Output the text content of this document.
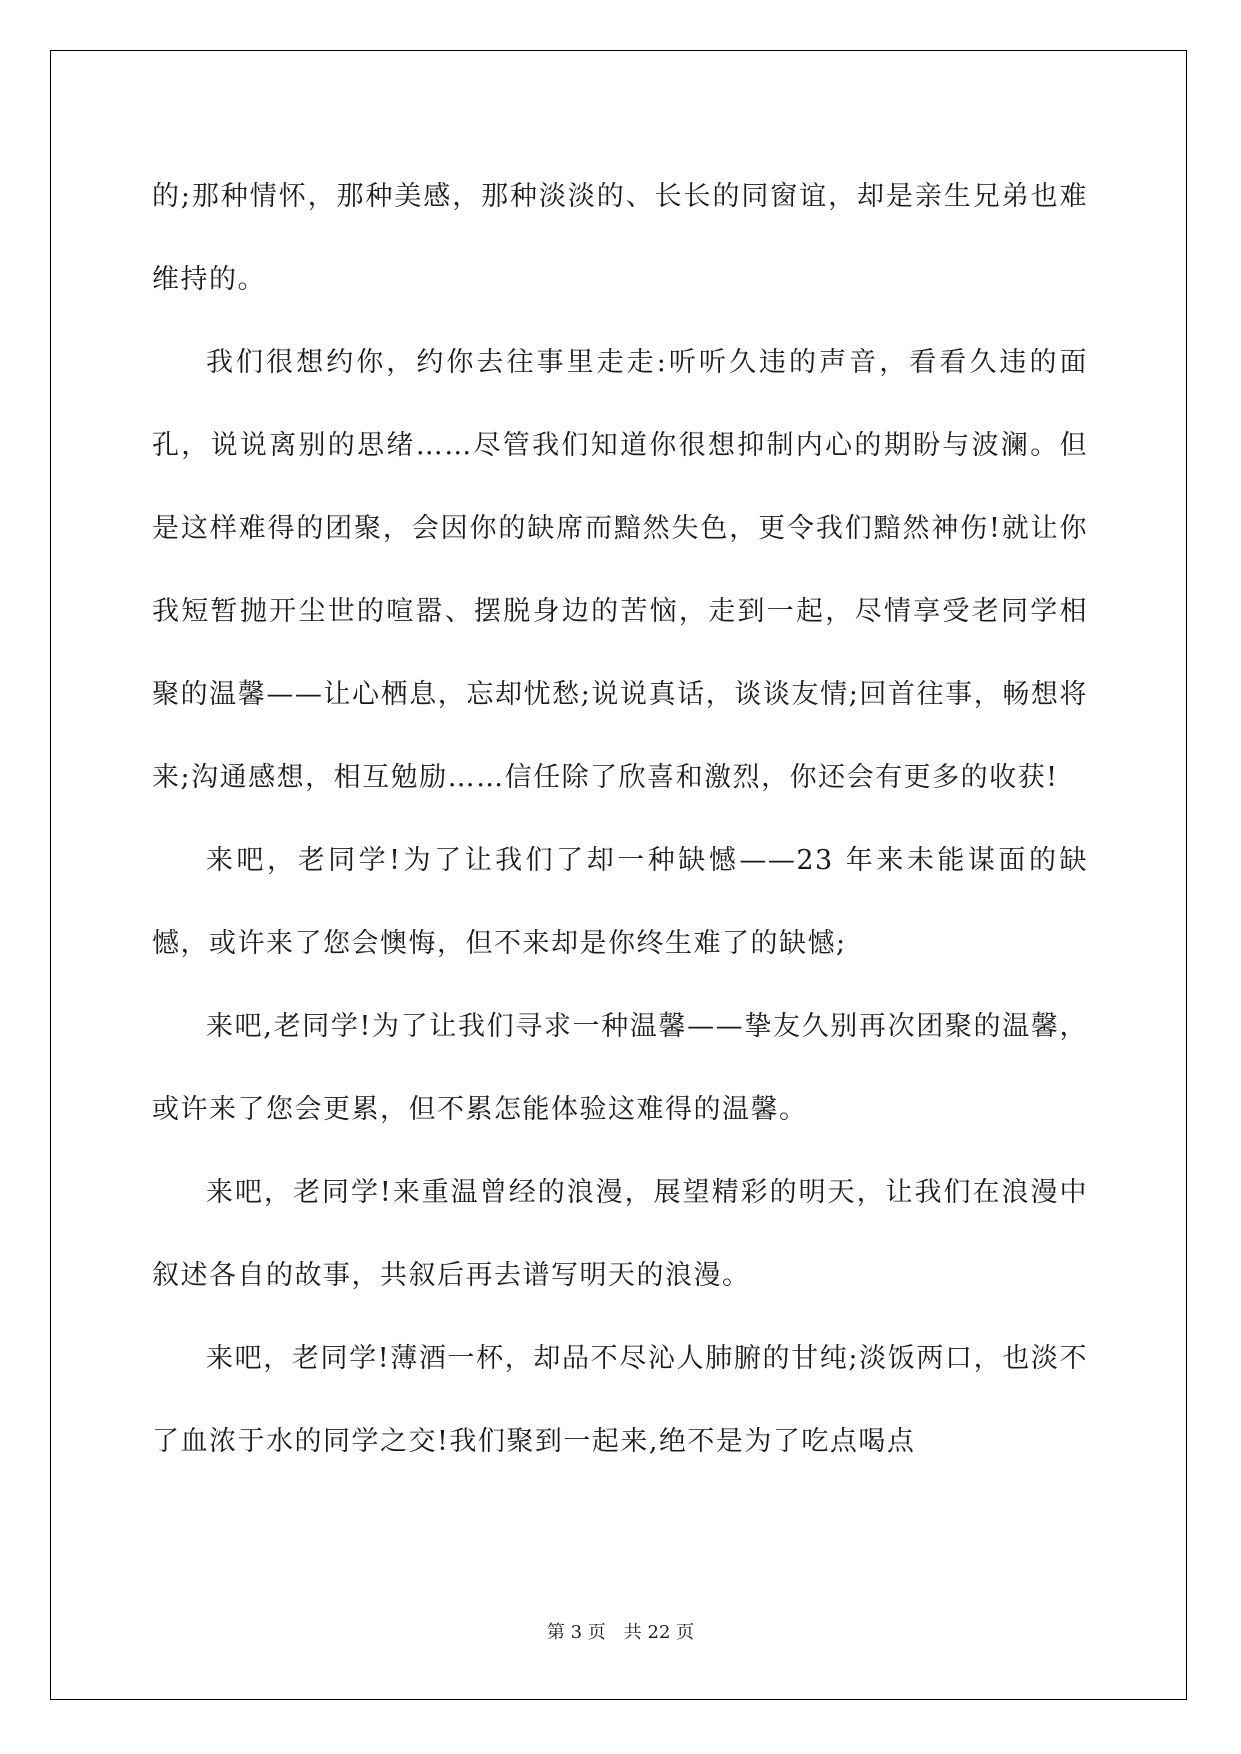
的;那种情怀，那种美感，那种淡淡的、长长的同窗谊，却是亲生兄弟也难维持的。

我们很想约你，约你去往事里走走:听听久违的声音，看看久违的面孔，说说离别的思绪……尽管我们知道你很想抑制内心的期盼与波澜。但是这样难得的团聚，会因你的缺席而黯然失色，更令我们黯然神伤!就让你我短暂抛开尘世的喧嚣、摆脱身边的苦恼，走到一起，尽情享受老同学相聚的温馨——让心栖息，忘却忧愁;说说真话，谈谈友情;回首往事，畅想将来;沟通感想，相互勉励……信任除了欣喜和激烈，你还会有更多的收获!

来吧，老同学!为了让我们了却一种缺憾——23 年来未能谋面的缺憾，或许来了您会懊悔，但不来却是你终生难了的缺憾;

来吧,老同学!为了让我们寻求一种温馨——挚友久别再次团聚的温馨，或许来了您会更累，但不累怎能体验这难得的温馨。

来吧，老同学!来重温曾经的浪漫，展望精彩的明天，让我们在浪漫中叙述各自的故事，共叙后再去谱写明天的浪漫。

来吧，老同学!薄酒一杯，却品不尽沁人肺腑的甘纯;淡饭两口，也淡不了血浓于水的同学之交!我们聚到一起来,绝不是为了吃点喝点

第 3 页 共 22 页
